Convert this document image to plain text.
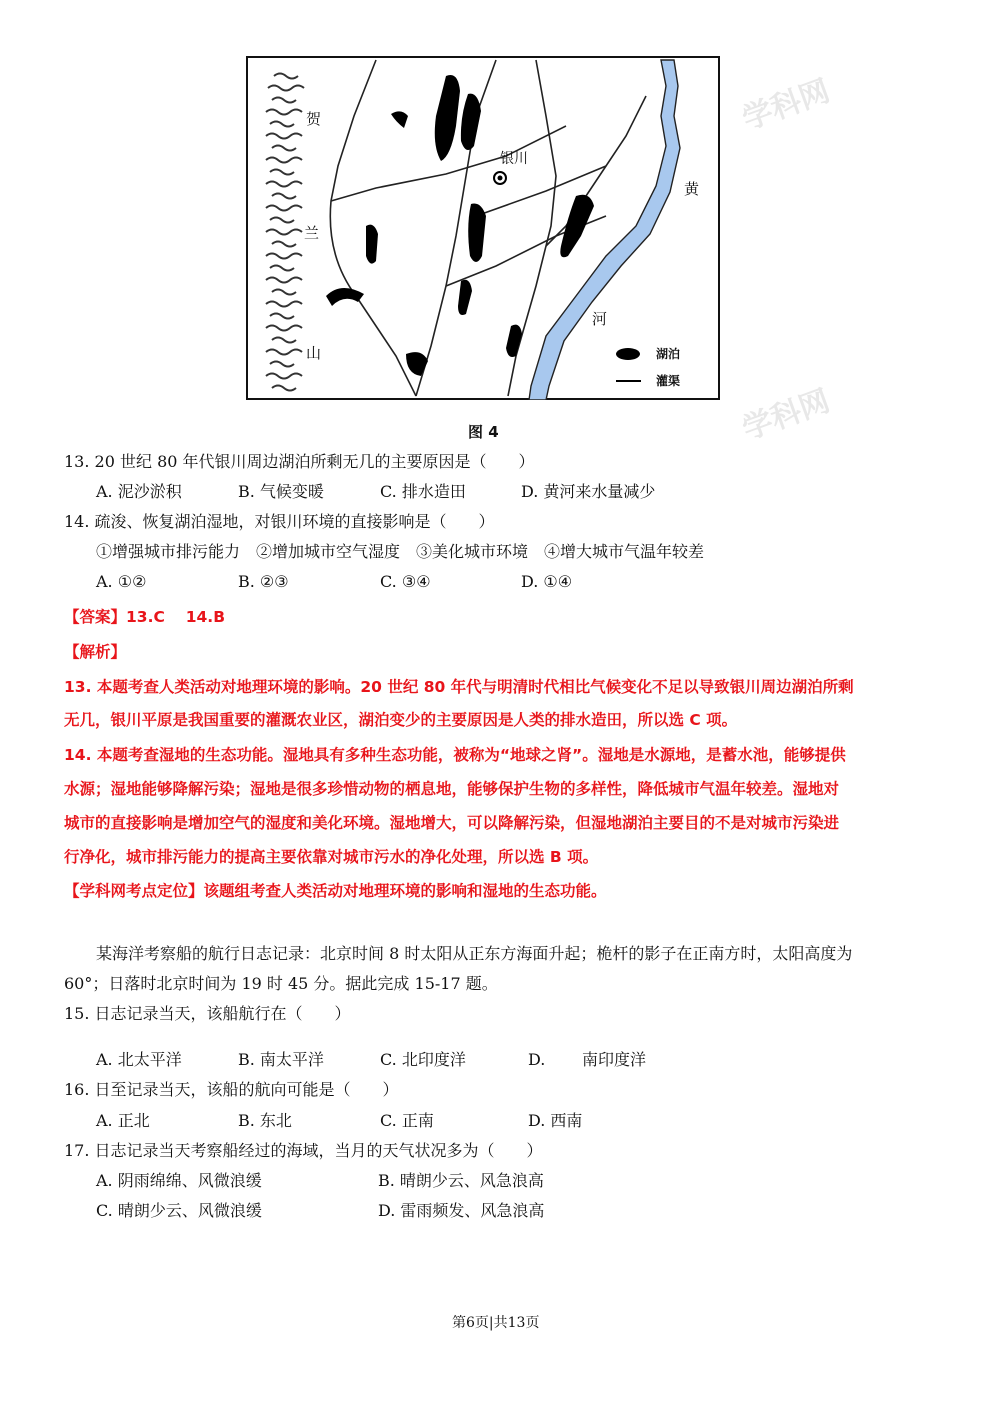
学科网
学科网
贺
兰
山
银川
黄
河
湖泊
灌渠
图 4
13. 20 世纪 80 年代银川周边湖泊所剩无几的主要原因是（　　）
A. 泥沙淤积	B. 气候变暖	C. 排水造田	D. 黄河来水量减少
14. 疏浚、恢复湖泊湿地，对银川环境的直接影响是（　　）
①增强城市排污能力　②增加城市空气湿度　③美化城市环境　④增大城市气温年较差
A. ①②	B. ②③	C. ③④	D. ①④
【答案】13.C　 14.B
【解析】
13. 本题考查人类活动对地理环境的影响。20 世纪 80 年代与明清时代相比气候变化不足以导致银川周边湖泊所剩
无几，银川平原是我国重要的灌溉农业区，湖泊变少的主要原因是人类的排水造田，所以选 C 项。
14. 本题考查湿地的生态功能。湿地具有多种生态功能，被称为“地球之肾”。湿地是水源地，是蓄水池，能够提供
水源；湿地能够降解污染；湿地是很多珍惜动物的栖息地，能够保护生物的多样性，降低城市气温年较差。湿地对
城市的直接影响是增加空气的湿度和美化环境。湿地增大，可以降解污染，但湿地湖泊主要目的不是对城市污染进
行净化，城市排污能力的提高主要依靠对城市污水的净化处理，所以选 B 项。
【学科网考点定位】该题组考查人类活动对地理环境的影响和湿地的生态功能。
某海洋考察船的航行日志记录：北京时间 8 时太阳从正东方海面升起；桅杆的影子在正南方时，太阳高度为
60°；日落时北京时间为 19 时 45 分。据此完成 15-17 题。
15. 日志记录当天，该船航行在（　　）
A. 北太平洋	B. 南太平洋	C. 北印度洋	D. 南印度洋
16. 日至记录当天，该船的航向可能是（　　）
A. 正北	B. 东北	C. 正南	D. 西南
17. 日志记录当天考察船经过的海域，当月的天气状况多为（　　）
A. 阴雨绵绵、风微浪缓	B. 晴朗少云、风急浪高
C. 晴朗少云、风微浪缓	D. 雷雨频发、风急浪高
第6页|共13页
